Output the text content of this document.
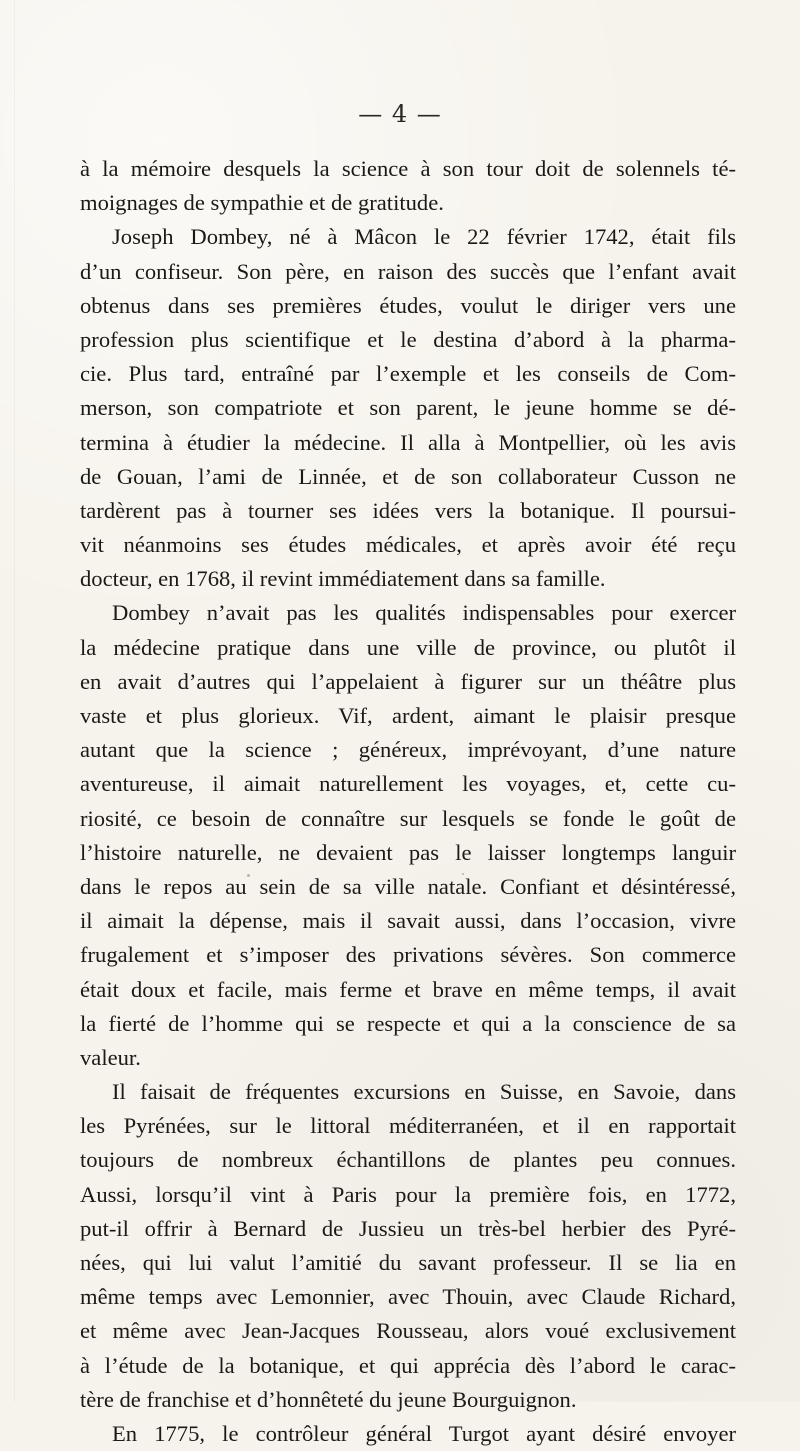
— 4 —
à la mémoire desquels la science à son tour doit de solennels té-
moignages de sympathie et de gratitude.
Joseph Dombey, né à Mâcon le 22 février 1742, était fils
d’un confiseur. Son père, en raison des succès que l’enfant avait
obtenus dans ses premières études, voulut le diriger vers une
profession plus scientifique et le destina d’abord à la pharma-
cie. Plus tard, entraîné par l’exemple et les conseils de Com-
merson, son compatriote et son parent, le jeune homme se dé-
termina à étudier la médecine. Il alla à Montpellier, où les avis
de Gouan, l’ami de Linnée, et de son collaborateur Cusson ne
tardèrent pas à tourner ses idées vers la botanique. Il poursui-
vit néanmoins ses études médicales, et après avoir été reçu
docteur, en 1768, il revint immédiatement dans sa famille.
Dombey n’avait pas les qualités indispensables pour exercer
la médecine pratique dans une ville de province, ou plutôt il
en avait d’autres qui l’appelaient à figurer sur un théâtre plus
vaste et plus glorieux. Vif, ardent, aimant le plaisir presque
autant que la science ; généreux, imprévoyant, d’une nature
aventureuse, il aimait naturellement les voyages, et, cette cu-
riosité, ce besoin de connaître sur lesquels se fonde le goût de
l’histoire naturelle, ne devaient pas le laisser longtemps languir
dans le repos au sein de sa ville natale. Confiant et désintéressé,
il aimait la dépense, mais il savait aussi, dans l’occasion, vivre
frugalement et s’imposer des privations sévères. Son commerce
était doux et facile, mais ferme et brave en même temps, il avait
la fierté de l’homme qui se respecte et qui a la conscience de sa
valeur.
Il faisait de fréquentes excursions en Suisse, en Savoie, dans
les Pyrénées, sur le littoral méditerranéen, et il en rapportait
toujours de nombreux échantillons de plantes peu connues.
Aussi, lorsqu’il vint à Paris pour la première fois, en 1772,
put-il offrir à Bernard de Jussieu un très-bel herbier des Pyré-
nées, qui lui valut l’amitié du savant professeur. Il se lia en
même temps avec Lemonnier, avec Thouin, avec Claude Richard,
et même avec Jean-Jacques Rousseau, alors voué exclusivement
à l’étude de la botanique, et qui apprécia dès l’abord le carac-
tère de franchise et d’honnêteté du jeune Bourguignon.
En 1775, le contrôleur général Turgot ayant désiré envoyer
